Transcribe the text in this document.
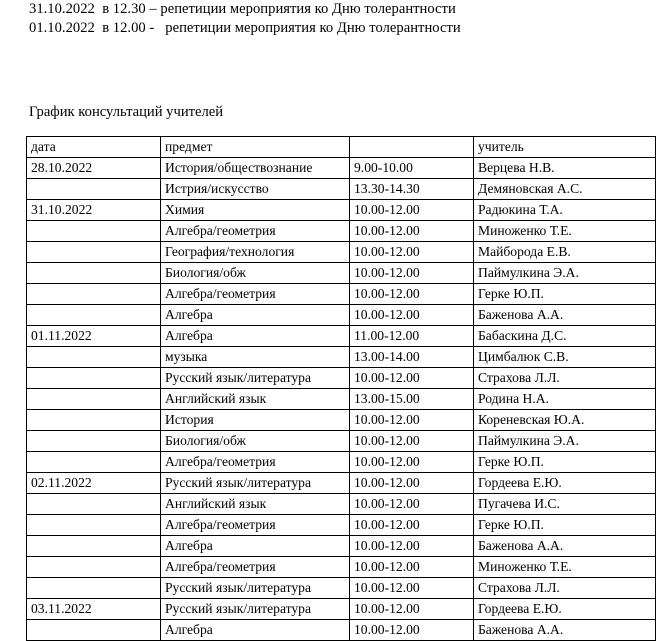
31.10.2022  в 12.30 – репетиции мероприятия ко Дню толерантности
01.10.2022  в 12.00 -   репетиции мероприятия ко Дню толерантности
График консультаций учителей
дата	предмет		учитель
28.10.2022	История/обществознание	9.00-10.00	Верцева Н.В.
	Истрия/искусство	13.30-14.30	Демяновская А.С.
31.10.2022	Химия	10.00-12.00	Радюкина Т.А.
	Алгебра/геометрия	10.00-12.00	Миноженко Т.Е.
	География/технология	10.00-12.00	Майборода Е.В.
	Биология/обж	10.00-12.00	Паймулкина Э.А.
	Алгебра/геометрия	10.00-12.00	Герке Ю.П.
	Алгебра	10.00-12.00	Баженова А.А.
01.11.2022	Алгебра	11.00-12.00	Бабаскина Д.С.
	музыка	13.00-14.00	Цимбалюк С.В.
	Русский язык/литература	10.00-12.00	Страхова Л.Л.
	Английский язык	13.00-15.00	Родина Н.А.
	История	10.00-12.00	Кореневская Ю.А.
	Биология/обж	10.00-12.00	Паймулкина Э.А.
	Алгебра/геометрия	10.00-12.00	Герке Ю.П.
02.11.2022	Русский язык/литература	10.00-12.00	Гордеева Е.Ю.
	Английский язык	10.00-12.00	Пугачева И.С.
	Алгебра/геометрия	10.00-12.00	Герке Ю.П.
	Алгебра	10.00-12.00	Баженова А.А.
	Алгебра/геометрия	10.00-12.00	Миноженко Т.Е.
	Русский язык/литература	10.00-12.00	Страхова Л.Л.
03.11.2022	Русский язык/литература	10.00-12.00	Гордеева Е.Ю.
	Алгебра	10.00-12.00	Баженова А.А.
